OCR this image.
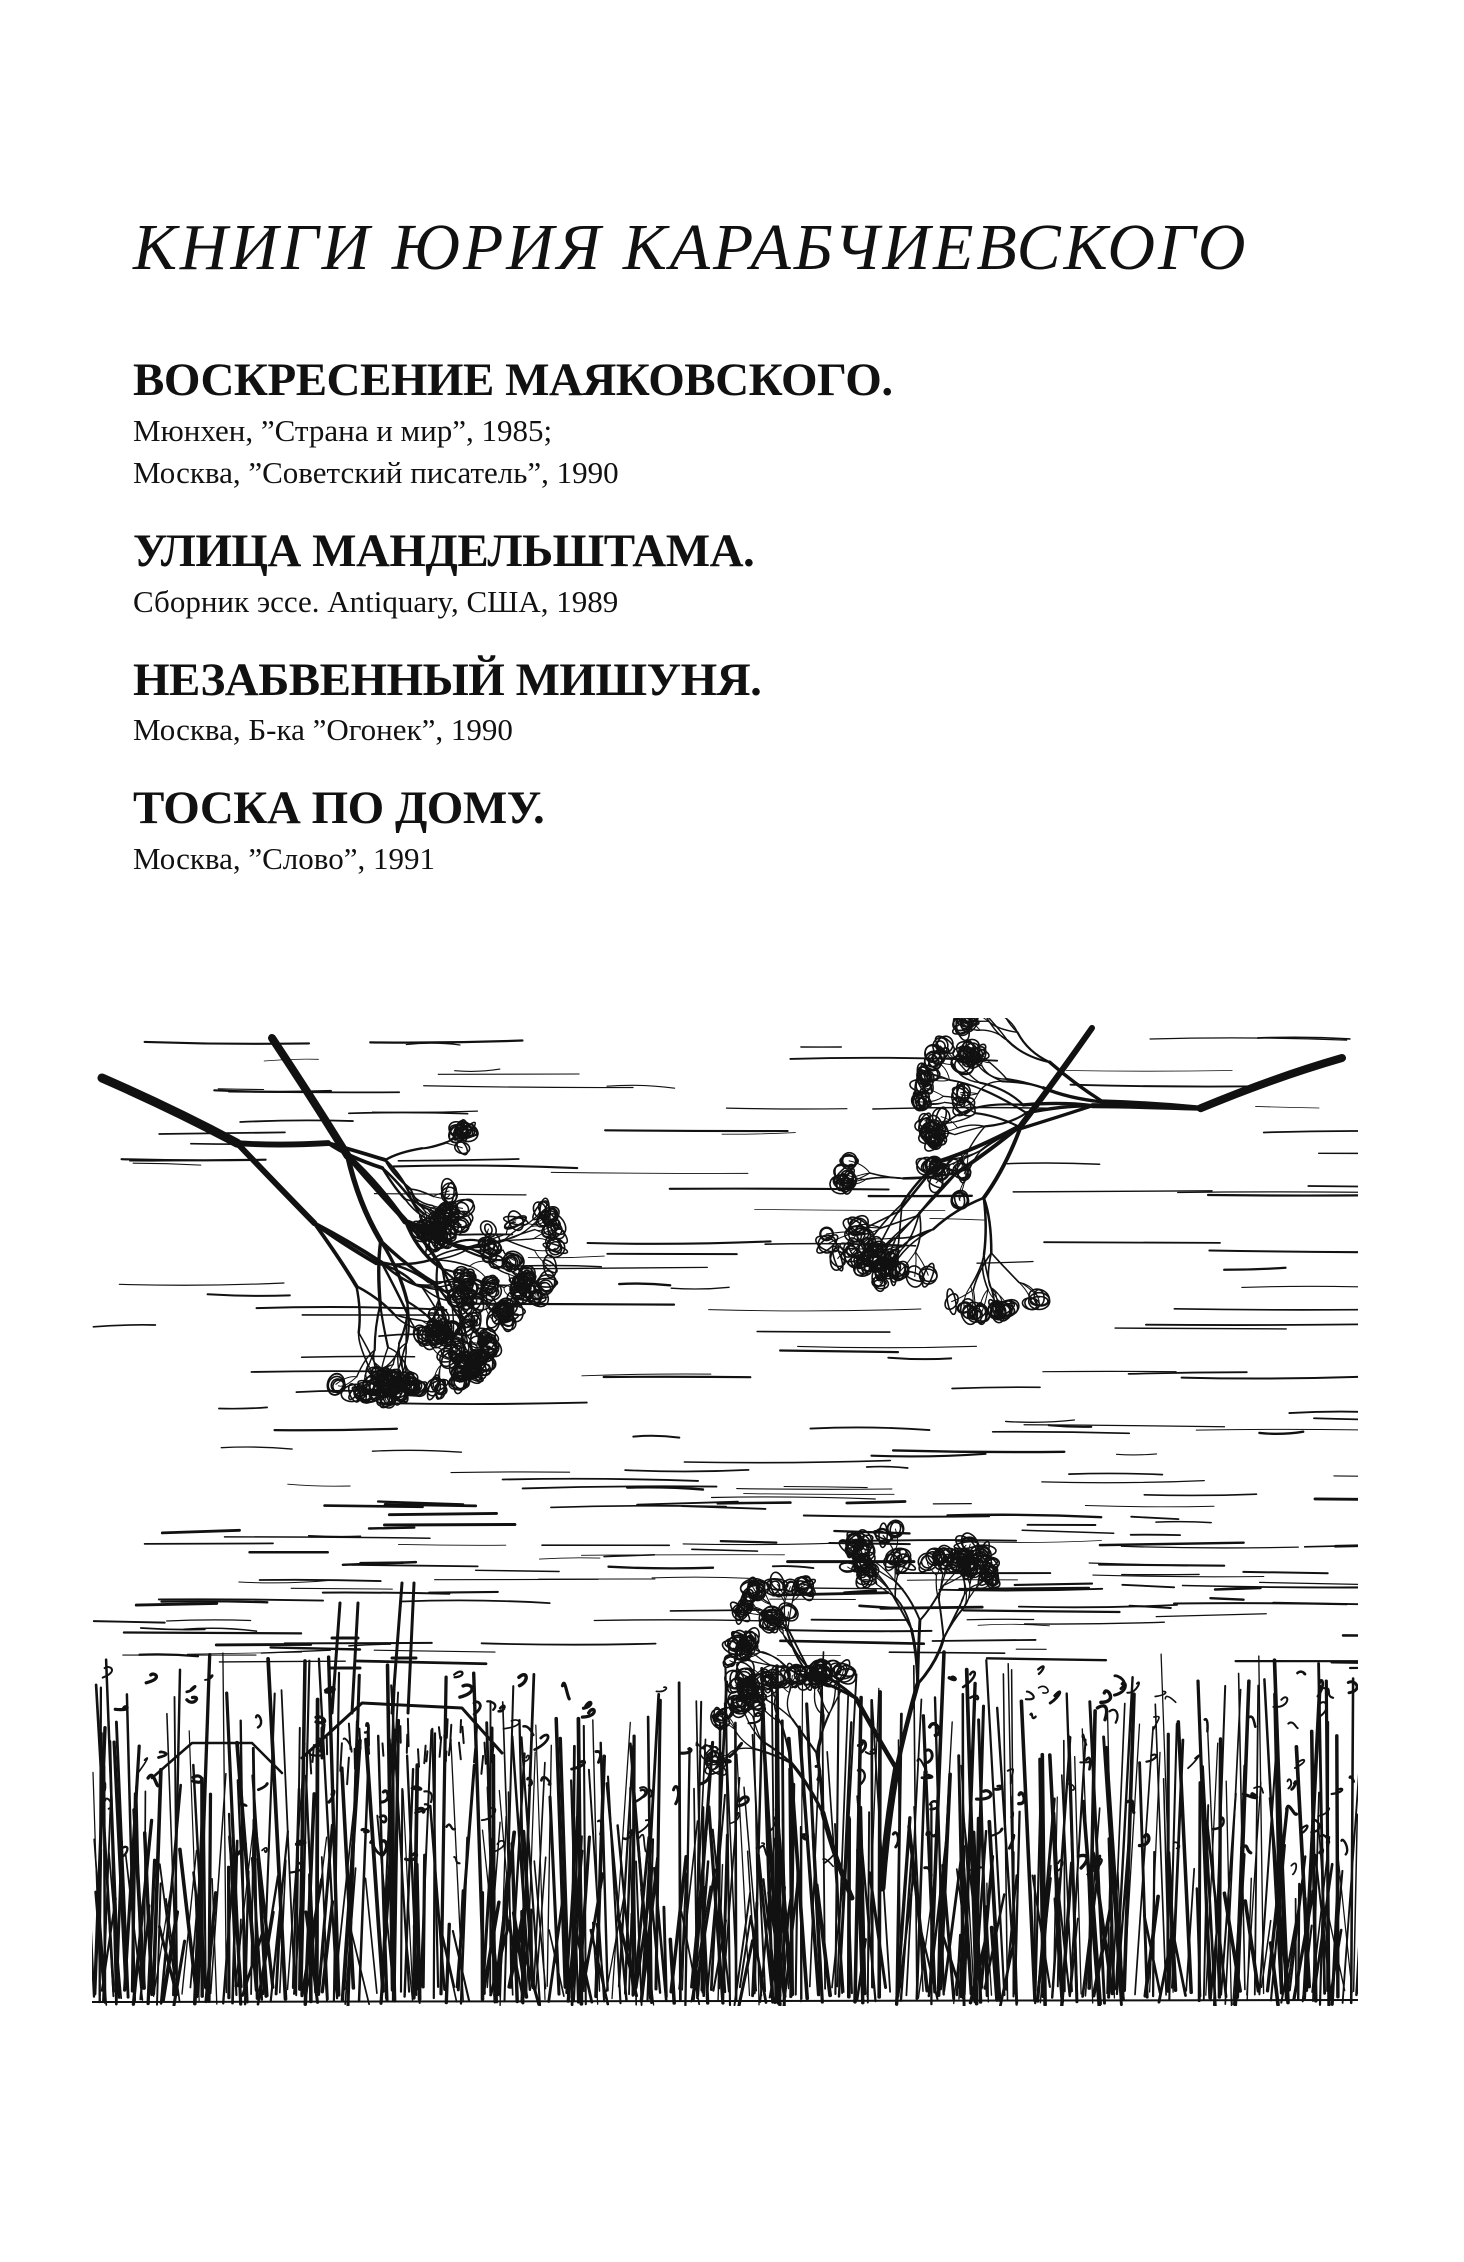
КНИГИ ЮРИЯ КАРАБЧИЕВСКОГО
ВОСКРЕСЕНИЕ МАЯКОВСКОГО.
Мюнхен, ”Страна и мир”, 1985;
Москва, ”Советский писатель”, 1990
УЛИЦА МАНДЕЛЬШТАМА.
Сборник эссе. Antiquary, США, 1989
НЕЗАБВЕННЫЙ МИШУНЯ.
Москва, Б-ка ”Огонек”, 1990
ТОСКА ПО ДОМУ.
Москва, ”Слово”, 1991
